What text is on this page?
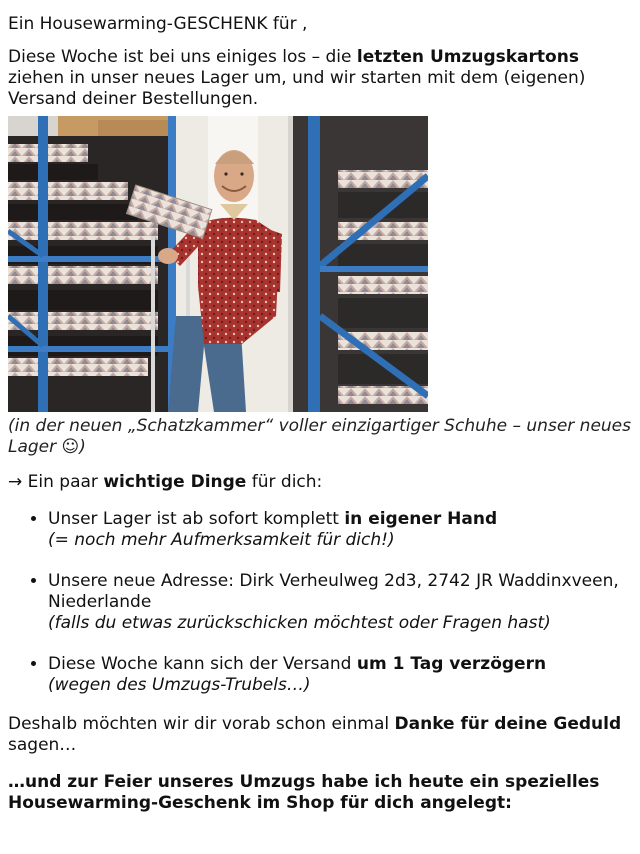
Ein Housewarming-GESCHENK für ,

Diese Woche ist bei uns einiges los – die letzten Umzugskartons ziehen in unser neues Lager um, und wir starten mit dem (eigenen) Versand deiner Bestellungen.

(in der neuen „Schatzkammer“ voller einzigartiger Schuhe – unser neues Lager ☺)

→ Ein paar wichtige Dinge für dich:

• Unser Lager ist ab sofort komplett in eigener Hand
(= noch mehr Aufmerksamkeit für dich!)
• Unsere neue Adresse: Dirk Verheulweg 2d3, 2742 JR Waddinxveen, Niederlande
(falls du etwas zurückschicken möchtest oder Fragen hast)
• Diese Woche kann sich der Versand um 1 Tag verzögern
(wegen des Umzugs-Trubels…)

Deshalb möchten wir dir vorab schon einmal Danke für deine Geduld sagen…

…und zur Feier unseres Umzugs habe ich heute ein spezielles Housewarming-Geschenk im Shop für dich angelegt:
